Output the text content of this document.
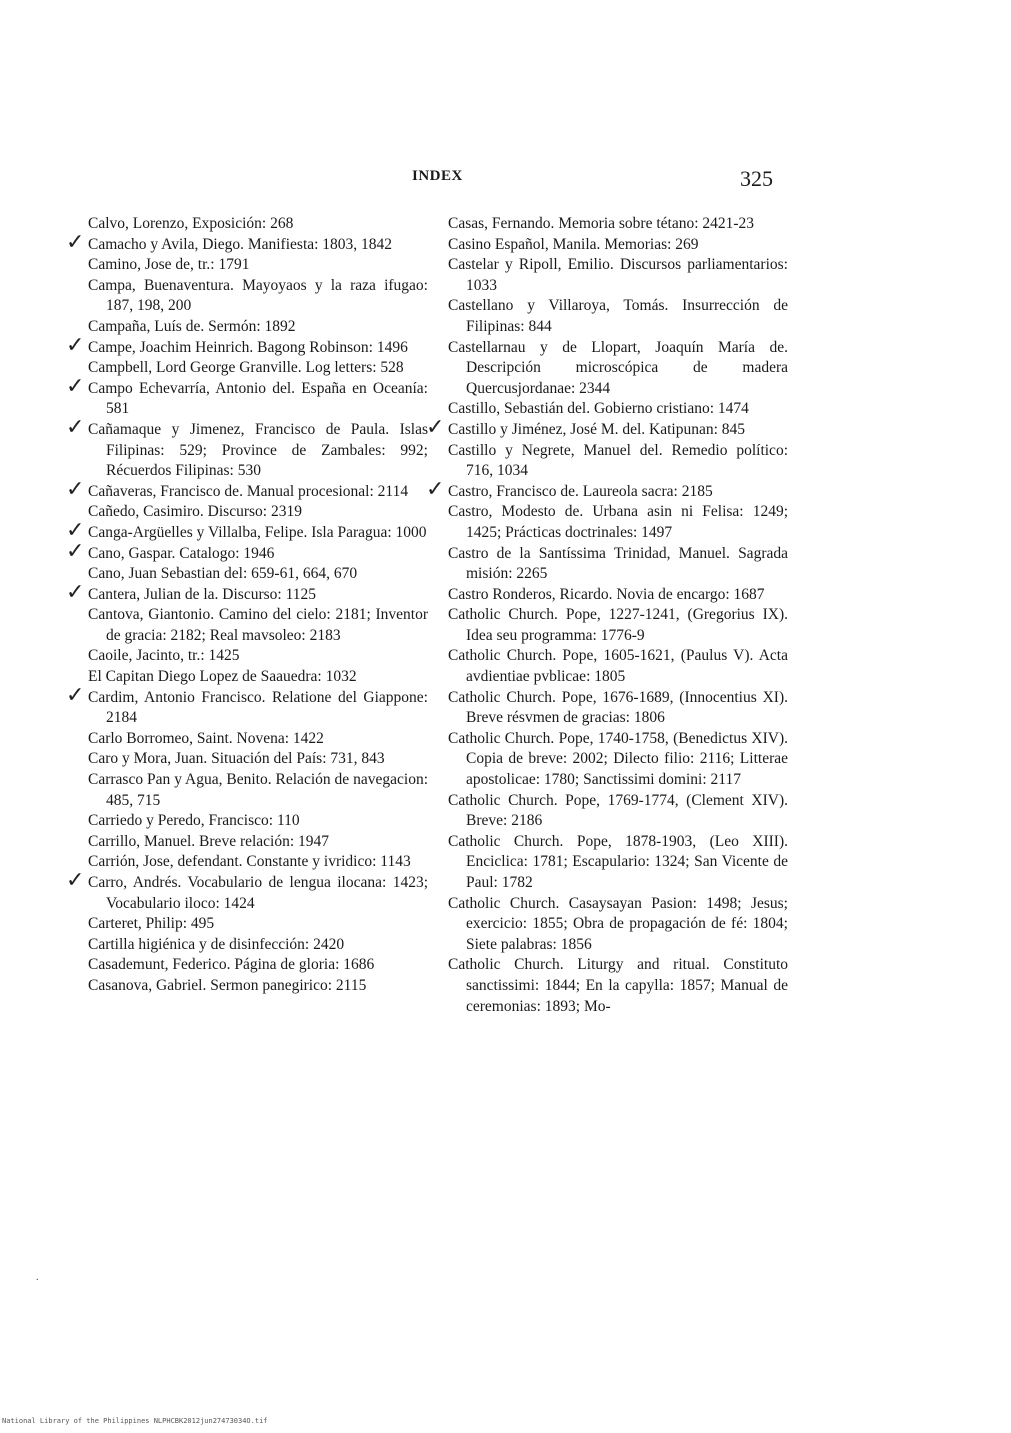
INDEX	325
Calvo, Lorenzo, Exposición: 268
✓ Camacho y Avila, Diego. Manifiesta: 1803, 1842
Camino, Jose de, tr.: 1791
Campa, Buenaventura. Mayoyaos y la raza ifugao: 187, 198, 200
Campaña, Luís de. Sermón: 1892
✓ Campe, Joachim Heinrich. Bagong Robinson: 1496
Campbell, Lord George Granville. Log letters: 528
✓ Campo Echevarría, Antonio del. España en Oceanía: 581
✓ Cañamaque y Jimenez, Francisco de Paula. Islas Filipinas: 529; Province de Zambales: 992; Récuerdos Filipinas: 530
✓ Cañaveras, Francisco de. Manual procesional: 2114
Cañedo, Casimiro. Discurso: 2319
✓ Canga-Argüelles y Villalba, Felipe. Isla Paragua: 1000
✓ Cano, Gaspar. Catalogo: 1946
Cano, Juan Sebastian del: 659-61, 664, 670
✓ Cantera, Julian de la. Discurso: 1125
Cantova, Giantonio. Camino del cielo: 2181; Inventor de gracia: 2182; Real mavsoleo: 2183
Caoile, Jacinto, tr.: 1425
El Capitan Diego Lopez de Saauedra: 1032
✓ Cardim, Antonio Francisco. Relatione del Giappone: 2184
Carlo Borromeo, Saint. Novena: 1422
Caro y Mora, Juan. Situación del País: 731, 843
Carrasco Pan y Agua, Benito. Relación de navegacion: 485, 715
Carriedo y Peredo, Francisco: 110
Carrillo, Manuel. Breve relación: 1947
Carrión, Jose, defendant. Constante y ivridico: 1143
✓ Carro, Andrés. Vocabulario de lengua ilocana: 1423; Vocabulario iloco: 1424
Carteret, Philip: 495
Cartilla higiénica y de disinfección: 2420
Casademunt, Federico. Página de gloria: 1686
Casanova, Gabriel. Sermon panegirico: 2115
Casas, Fernando. Memoria sobre tétano: 2421-23
Casino Español, Manila. Memorias: 269
Castelar y Ripoll, Emilio. Discursos parliamentarios: 1033
Castellano y Villaroya, Tomás. Insurrección de Filipinas: 844
Castellarnau y de Llopart, Joaquín María de. Descripción microscópica de madera Quercusjordanae: 2344
Castillo, Sebastián del. Gobierno cristiano: 1474
✓ Castillo y Jiménez, José M. del. Katipunan: 845
Castillo y Negrete, Manuel del. Remedio político: 716, 1034
✓ Castro, Francisco de. Laureola sacra: 2185
Castro, Modesto de. Urbana asin ni Felisa: 1249; 1425; Prácticas doctrinales: 1497
Castro de la Santíssima Trinidad, Manuel. Sagrada misión: 2265
Castro Ronderos, Ricardo. Novia de encargo: 1687
Catholic Church. Pope, 1227-1241, (Gregorius IX). Idea seu programma: 1776-9
Catholic Church. Pope, 1605-1621, (Paulus V). Acta avdientiae pvblicae: 1805
Catholic Church. Pope, 1676-1689, (Innocentius XI). Breve résvmen de gracias: 1806
Catholic Church. Pope, 1740-1758, (Benedictus XIV). Copia de breve: 2002; Dilecto filio: 2116; Litterae apostolicae: 1780; Sanctissimi domini: 2117
Catholic Church. Pope, 1769-1774, (Clement XIV). Breve: 2186
Catholic Church. Pope, 1878-1903, (Leo XIII). Enciclica: 1781; Escapulario: 1324; San Vicente de Paul: 1782
Catholic Church. Casaysayan Pasion: 1498; Jesus; exercicio: 1855; Obra de propagación de fé: 1804; Siete palabras: 1856
Catholic Church. Liturgy and ritual. Constituto sanctissimi: 1844; En la capylla: 1857; Manual de ceremonias: 1893; Mo-
.
National Library of the Philippines NLPHCBK2012jun27473034O.tif
